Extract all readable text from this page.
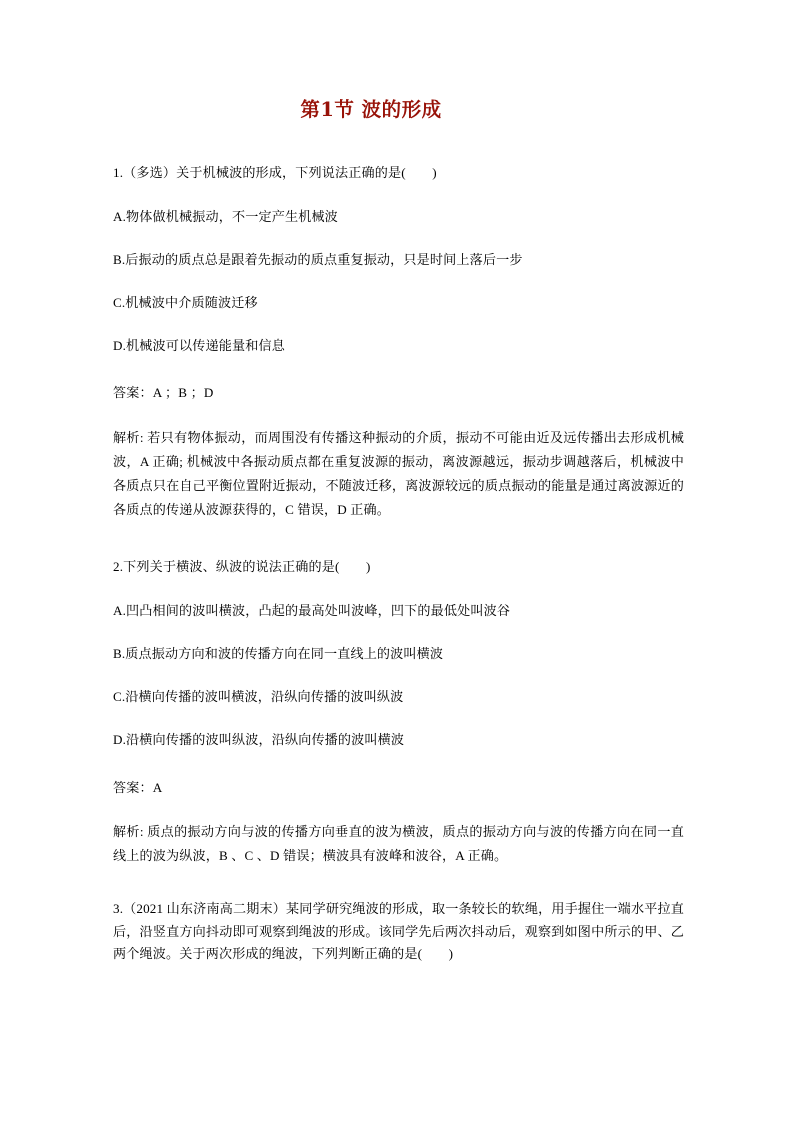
第1节 波的形成

1.（多选）关于机械波的形成，下列说法正确的是(　　)

A.物体做机械振动，不一定产生机械波

B.后振动的质点总是跟着先振动的质点重复振动，只是时间上落后一步

C.机械波中介质随波迁移

D.机械波可以传递能量和信息

答案：A ；B ；D

解析: 若只有物体振动，而周围没有传播这种振动的介质，振动不可能由近及远传播出去形成机械波，A 正确; 机械波中各振动质点都在重复波源的振动，离波源越远，振动步调越落后，机械波中各质点只在自己平衡位置附近振动，不随波迁移，离波源较远的质点振动的能量是通过离波源近的各质点的传递从波源获得的，C 错误，D 正确。

2.下列关于横波、纵波的说法正确的是(　　)

A.凹凸相间的波叫横波，凸起的最高处叫波峰，凹下的最低处叫波谷

B.质点振动方向和波的传播方向在同一直线上的波叫横波

C.沿横向传播的波叫横波，沿纵向传播的波叫纵波

D.沿横向传播的波叫纵波，沿纵向传播的波叫横波

答案：A

解析: 质点的振动方向与波的传播方向垂直的波为横波，质点的振动方向与波的传播方向在同一直线上的波为纵波，B 、C 、D 错误；横波具有波峰和波谷，A 正确。

3.（2021 山东济南高二期末）某同学研究绳波的形成，取一条较长的软绳，用手握住一端水平拉直后，沿竖直方向抖动即可观察到绳波的形成。该同学先后两次抖动后，观察到如图中所示的甲、乙两个绳波。关于两次形成的绳波，下列判断正确的是(　　)
